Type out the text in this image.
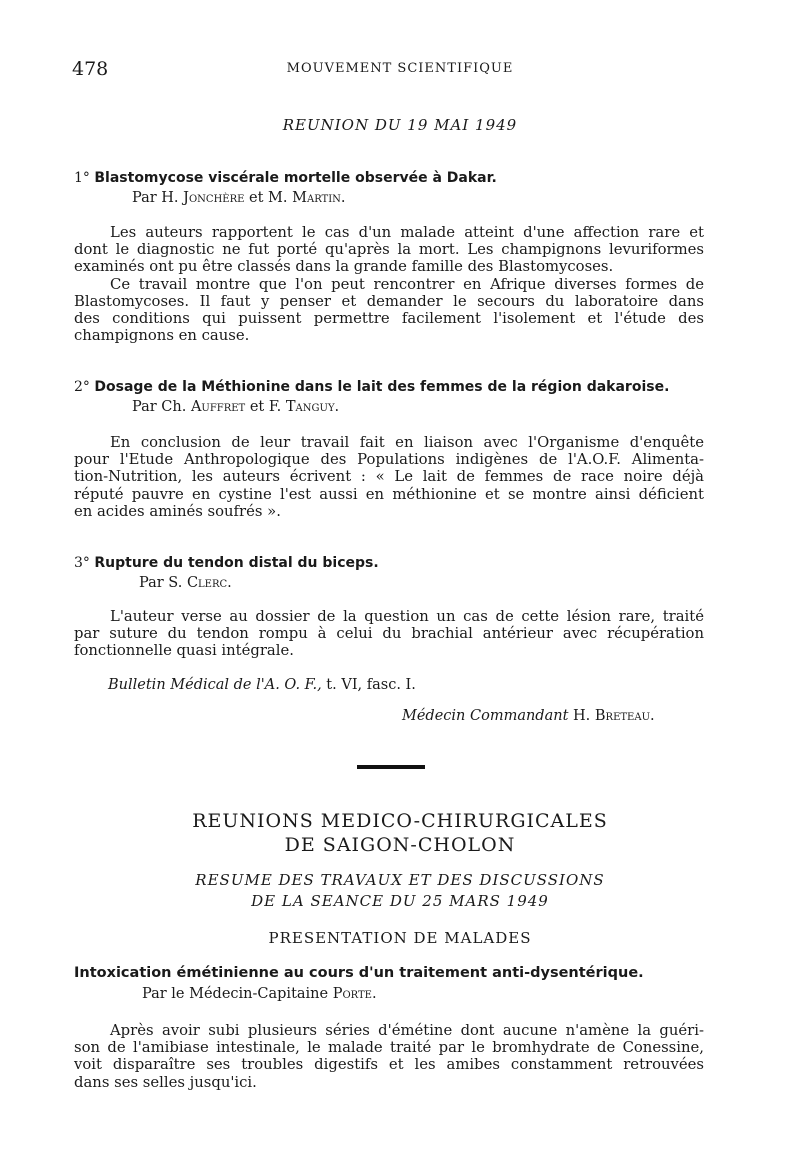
478	MOUVEMENT SCIENTIFIQUE
REUNION DU 19 MAI 1949
1° Blastomycose viscérale mortelle observée à Dakar.
Par H. Jonchère et M. Martin.
Les auteurs rapportent le cas d'un malade atteint d'une affection rare et
dont le diagnostic ne fut porté qu'après la mort. Les champignons levuriformes
examinés ont pu être classés dans la grande famille des Blastomycoses.
Ce travail montre que l'on peut rencontrer en Afrique diverses formes de
Blastomycoses. Il faut y penser et demander le secours du laboratoire dans
des conditions qui puissent permettre facilement l'isolement et l'étude des
champignons en cause.
2° Dosage de la Méthionine dans le lait des femmes de la région dakaroise.
Par Ch. Auffret et F. Tanguy.
En conclusion de leur travail fait en liaison avec l'Organisme d'enquête
pour l'Etude Anthropologique des Populations indigènes de l'A.O.F. Alimenta-
tion-Nutrition, les auteurs écrivent : « Le lait de femmes de race noire déjà
réputé pauvre en cystine l'est aussi en méthionine et se montre ainsi déficient
en acides aminés soufrés ».
3° Rupture du tendon distal du biceps.
Par S. Clerc.
L'auteur verse au dossier de la question un cas de cette lésion rare, traité
par suture du tendon rompu à celui du brachial antérieur avec récupération
fonctionnelle quasi intégrale.
Bulletin Médical de l'A. O. F., t. VI, fasc. I.
Médecin Commandant H. Breteau.
REUNIONS MEDICO-CHIRURGICALES
DE SAIGON-CHOLON
RESUME DES TRAVAUX ET DES DISCUSSIONS
DE LA SEANCE DU 25 MARS 1949
PRESENTATION DE MALADES
Intoxication émétinienne au cours d'un traitement anti-dysentérique.
Par le Médecin-Capitaine Porte.
Après avoir subi plusieurs séries d'émétine dont aucune n'amène la guéri-
son de l'amibiase intestinale, le malade traité par le bromhydrate de Conessine,
voit disparaître ses troubles digestifs et les amibes constamment retrouvées
dans ses selles jusqu'ici.
